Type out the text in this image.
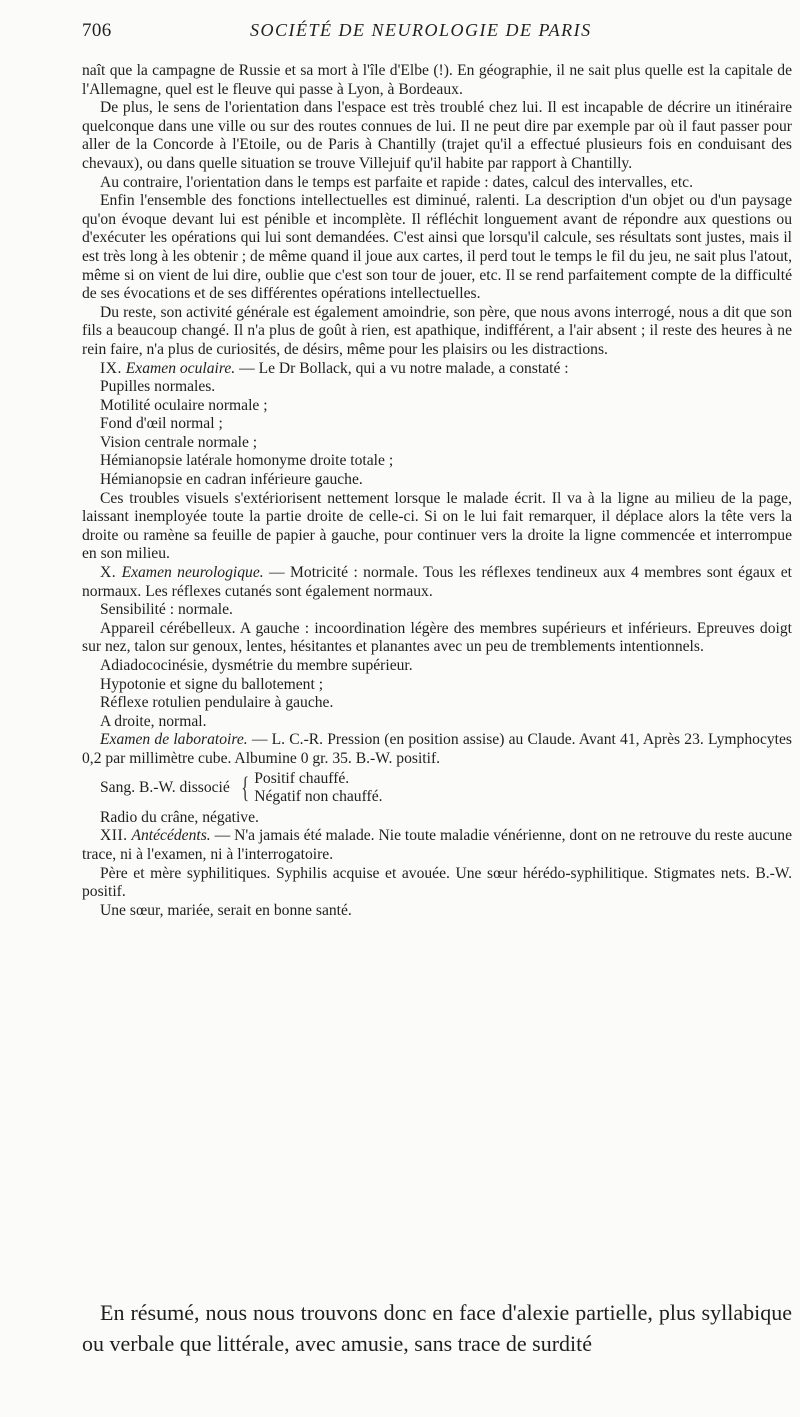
706	SOCIÉTÉ DE NEUROLOGIE DE PARIS

naît que la campagne de Russie et sa mort à l'île d'Elbe (!). En géographie, il ne sait plus quelle est la capitale de l'Allemagne, quel est le fleuve qui passe à Lyon, à Bordeaux.

De plus, le sens de l'orientation dans l'espace est très troublé chez lui. Il est incapable de décrire un itinéraire quelconque dans une ville ou sur des routes connues de lui. Il ne peut dire par exemple par où il faut passer pour aller de la Concorde à l'Etoile, ou de Paris à Chantilly (trajet qu'il a effectué plusieurs fois en conduisant des chevaux), ou dans quelle situation se trouve Villejuif qu'il habite par rapport à Chantilly.

Au contraire, l'orientation dans le temps est parfaite et rapide : dates, calcul des intervalles, etc.

Enfin l'ensemble des fonctions intellectuelles est diminué, ralenti. La description d'un objet ou d'un paysage qu'on évoque devant lui est pénible et incomplète. Il réfléchit longuement avant de répondre aux questions ou d'exécuter les opérations qui lui sont demandées. C'est ainsi que lorsqu'il calcule, ses résultats sont justes, mais il est très long à les obtenir ; de même quand il joue aux cartes, il perd tout le temps le fil du jeu, ne sait plus l'atout, même si on vient de lui dire, oublie que c'est son tour de jouer, etc. Il se rend parfaitement compte de la difficulté de ses évocations et de ses différentes opérations intellectuelles.

Du reste, son activité générale est également amoindrie, son père, que nous avons interrogé, nous a dit que son fils a beaucoup changé. Il n'a plus de goût à rien, est apathique, indifférent, a l'air absent ; il reste des heures à ne rein faire, n'a plus de curiosités, de désirs, même pour les plaisirs ou les distractions.

IX. Examen oculaire. — Le Dr Bollack, qui a vu notre malade, a constaté :

Pupilles normales.

Motilité oculaire normale ;

Fond d'œil normal ;

Vision centrale normale ;

Hémianopsie latérale homonyme droite totale ;

Hémianopsie en cadran inférieure gauche.

Ces troubles visuels s'extériorisent nettement lorsque le malade écrit. Il va à la ligne au milieu de la page, laissant inemployée toute la partie droite de celle-ci. Si on le lui fait remarquer, il déplace alors la tête vers la droite ou ramène sa feuille de papier à gauche, pour continuer vers la droite la ligne commencée et interrompue en son milieu.

X. Examen neurologique. — Motricité : normale. Tous les réflexes tendineux aux 4 membres sont égaux et normaux. Les réflexes cutanés sont également normaux.

Sensibilité : normale.

Appareil cérébelleux. A gauche : incoordination légère des membres supérieurs et inférieurs. Epreuves doigt sur nez, talon sur genoux, lentes, hésitantes et planantes avec un peu de tremblements intentionnels.

Adiadococinésie, dysmétrie du membre supérieur.

Hypotonie et signe du ballotement ;

Réflexe rotulien pendulaire à gauche.

A droite, normal.

Examen de laboratoire. — L. C.-R. Pression (en position assise) au Claude. Avant 41, Après 23. Lymphocytes 0,2 par millimètre cube. Albumine 0 gr. 35. B.-W. positif.

Sang. B.-W. dissocié { Positif chauffé.
Négatif non chauffé.

Radio du crâne, négative.

XII. Antécédents. — N'a jamais été malade. Nie toute maladie vénérienne, dont on ne retrouve du reste aucune trace, ni à l'examen, ni à l'interrogatoire.

Père et mère syphilitiques. Syphilis acquise et avouée. Une sœur hérédo-syphilitique. Stigmates nets. B.-W. positif.

Une sœur, mariée, serait en bonne santé.

En résumé, nous nous trouvons donc en face d'alexie partielle, plus syllabique ou verbale que littérale, avec amusie, sans trace de surdité
